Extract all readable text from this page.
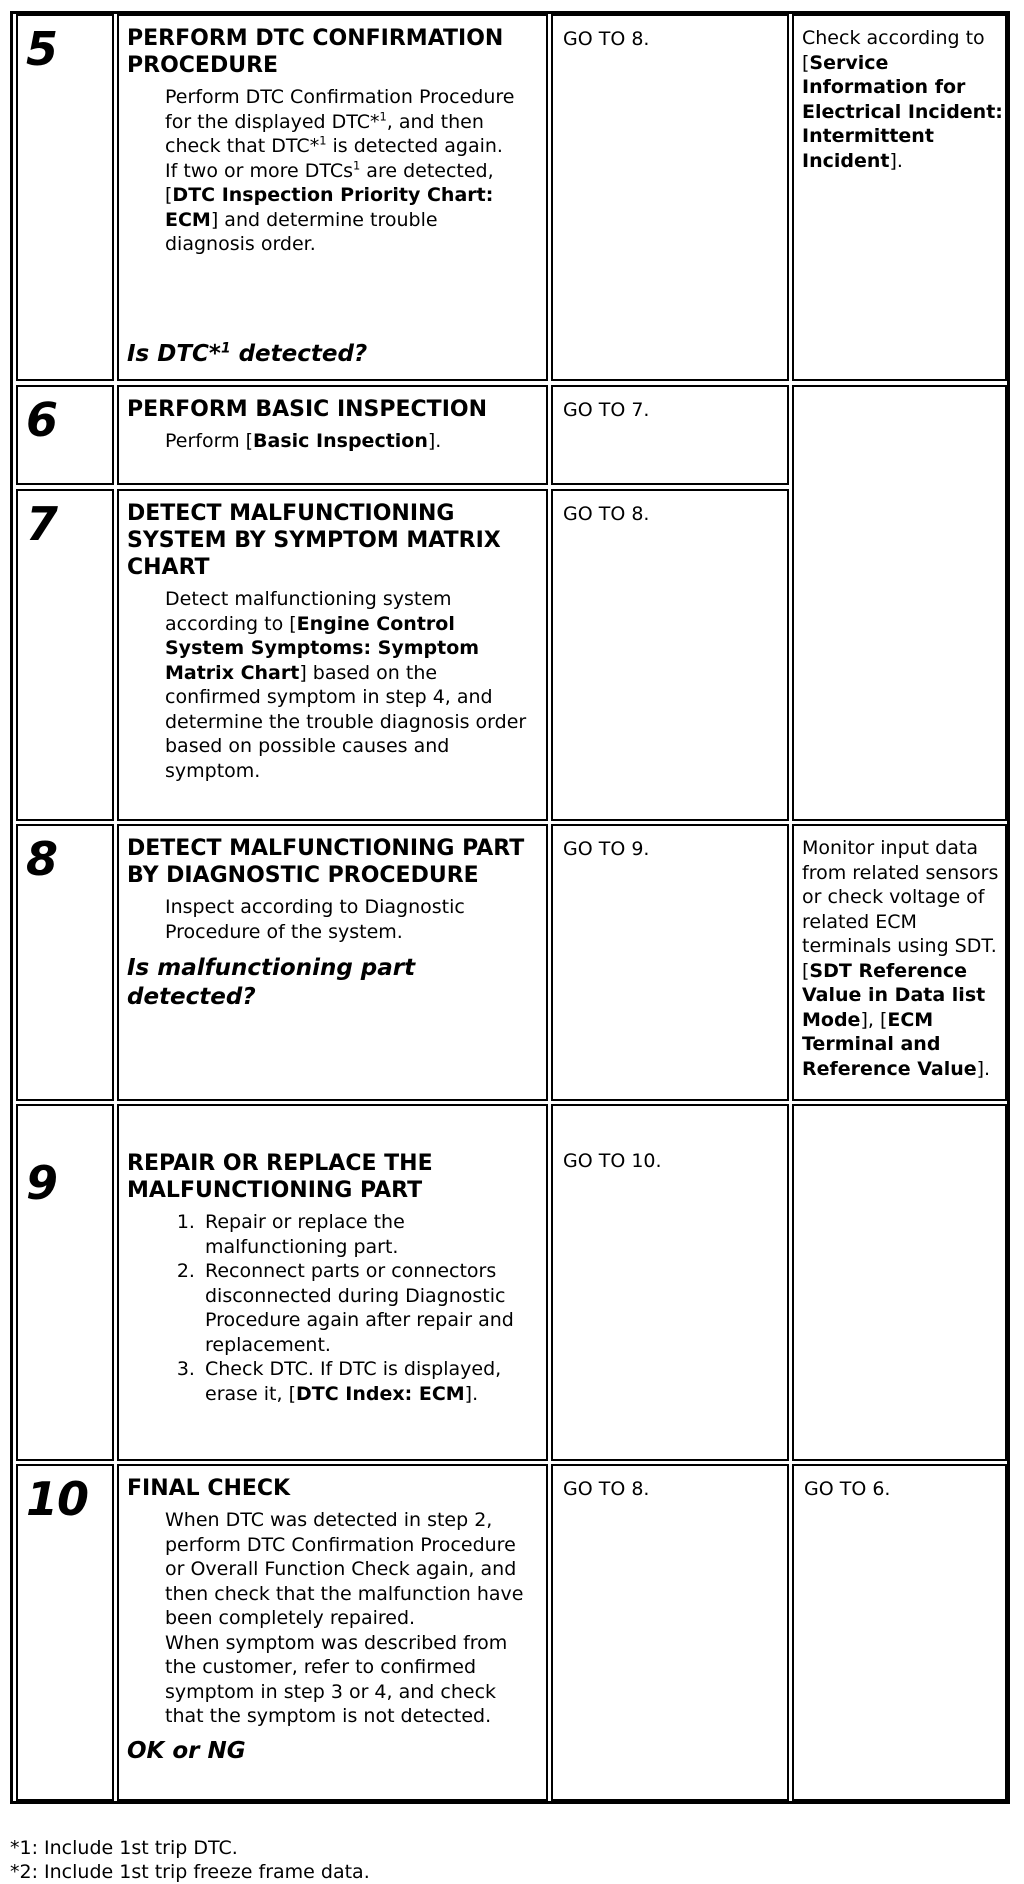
5	PERFORM DTC CONFIRMATION PROCEDURE
Perform DTC Confirmation Procedure for the displayed DTC*$^1$, and then check that DTC*$^1$ is detected again.
If two or more DTCs$^1$ are detected, [DTC Inspection Priority Chart: ECM] and determine trouble diagnosis order.
Is DTC*$^1$ detected?
GO TO 8.	Check according to [Service Information for Electrical Incident: Intermittent Incident].
6	PERFORM BASIC INSPECTION
Perform [Basic Inspection].
GO TO 7.
7	DETECT MALFUNCTIONING SYSTEM BY SYMPTOM MATRIX CHART
Detect malfunctioning system according to [Engine Control System Symptoms: Symptom Matrix Chart] based on the confirmed symptom in step 4, and determine the trouble diagnosis order based on possible causes and symptom.
GO TO 8.
8	DETECT MALFUNCTIONING PART BY DIAGNOSTIC PROCEDURE
Inspect according to Diagnostic Procedure of the system.
Is malfunctioning part detected?
GO TO 9.	Monitor input data from related sensors or check voltage of related ECM terminals using SDT. [SDT Reference Value in Data list Mode], [ECM Terminal and Reference Value].
9	REPAIR OR REPLACE THE MALFUNCTIONING PART
1. Repair or replace the malfunctioning part.
2. Reconnect parts or connectors disconnected during Diagnostic Procedure again after repair and replacement.
3. Check DTC. If DTC is displayed, erase it, [DTC Index: ECM].
GO TO 10.
10	FINAL CHECK
When DTC was detected in step 2, perform DTC Confirmation Procedure or Overall Function Check again, and then check that the malfunction have been completely repaired.
When symptom was described from the customer, refer to confirmed symptom in step 3 or 4, and check that the symptom is not detected.
OK or NG
GO TO 8.	GO TO 6.
*1: Include 1st trip DTC.
*2: Include 1st trip freeze frame data.
